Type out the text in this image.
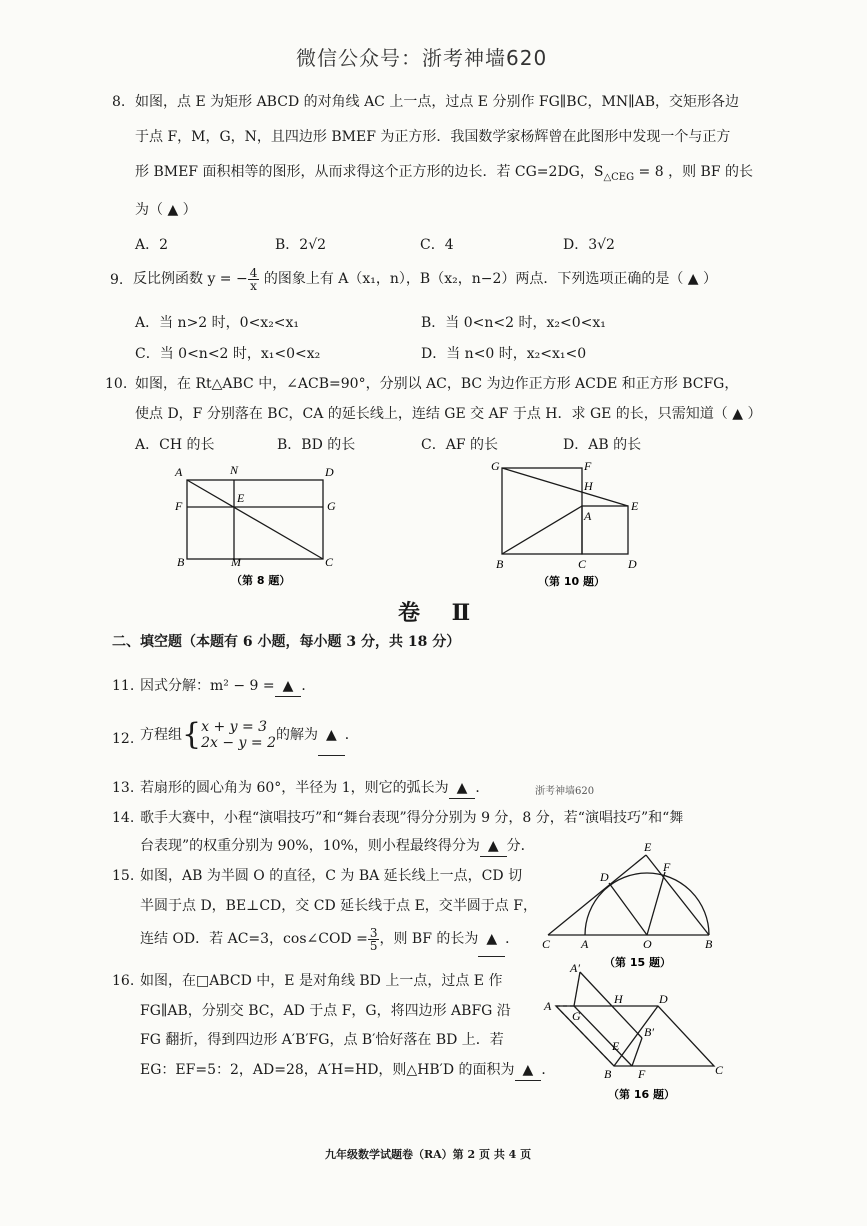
微信公众号：浙考神墙620
8. 如图，点 E 为矩形 ABCD 的对角线 AC 上一点，过点 E 分别作 FG∥BC，MN∥AB，交矩形各边
于点 F，M，G，N，且四边形 BMEF 为正方形．我国数学家杨辉曾在此图形中发现一个与正方
形 BMEF 面积相等的图形，从而求得这个正方形的边长．若 CG=2DG，$S_{\triangle CEG} = 8$ ，则 BF 的长
为（ ▲ ）
A．2	B．2√2	C．4	D．3√2
9. 反比例函数 y = − $\frac{4}{x}$ 的图象上有 A（x₁，n），B（x₂，n−2）两点．下列选项正确的是（ ▲ ）
A．当 n>2 时，0<x₂<x₁	B．当 0<n<2 时，x₂<0<x₁
C．当 0<n<2 时，x₁<0<x₂	D．当 n<0 时，x₂<x₁<0
10. 如图，在 Rt△ABC 中，∠ACB=90°，分别以 AC，BC 为边作正方形 ACDE 和正方形 BCFG，
使点 D，F 分别落在 BC，CA 的延长线上，连结 GE 交 AF 于点 H．求 GE 的长，只需知道（ ▲ ）
A．CH 的长	B．BD 的长	C．AF 的长	D．AB 的长
A	N	D
F
E
G
B	M	C
（第 8 题）
G	F
H
E
A
B	C	D
（第 10 题）
卷 Ⅱ
二、填空题（本题有 6 小题，每小题 3 分，共 18 分）
11. 因式分解：m² − 9 = ▲ ．
12. 方程组{ x + y = 3
2x − y = 2 的解为 ▲ ．
13. 若扇形的圆心角为 60°，半径为 1，则它的弧长为 ▲ ．	浙考神墙620
14. 歌手大赛中，小程“演唱技巧”和“舞台表现”得分分别为 9 分，8 分，若“演唱技巧”和“舞
台表现”的权重分别为 90%，10%，则小程最终得分为 ▲ 分．
15. 如图，AB 为半圆 O 的直径，C 为 BA 延长线上一点，CD 切
半圆于点 D，BE⊥CD，交 CD 延长线于点 E，交半圆于点 F，
连结 OD．若 AC=3，cos∠COD = $\frac{3}{5}$ ，则 BF 的长为 ▲ ．
E
F
D
C	A	O	B
（第 15 题）
16. 如图，在□ABCD 中，E 是对角线 BD 上一点，过点 E 作
FG∥AB，分别交 BC，AD 于点 F，G，将四边形 ABFG 沿
FG 翻折，得到四边形 A′B′FG，点 B′恰好落在 BD 上．若
EG：EF=5：2，AD=28，A′H=HD，则△HB′D 的面积为 ▲ ．
A′
A
G
H	D
B′
E
B F	C
（第 16 题）
九年级数学试题卷（RA）第 2 页 共 4 页
